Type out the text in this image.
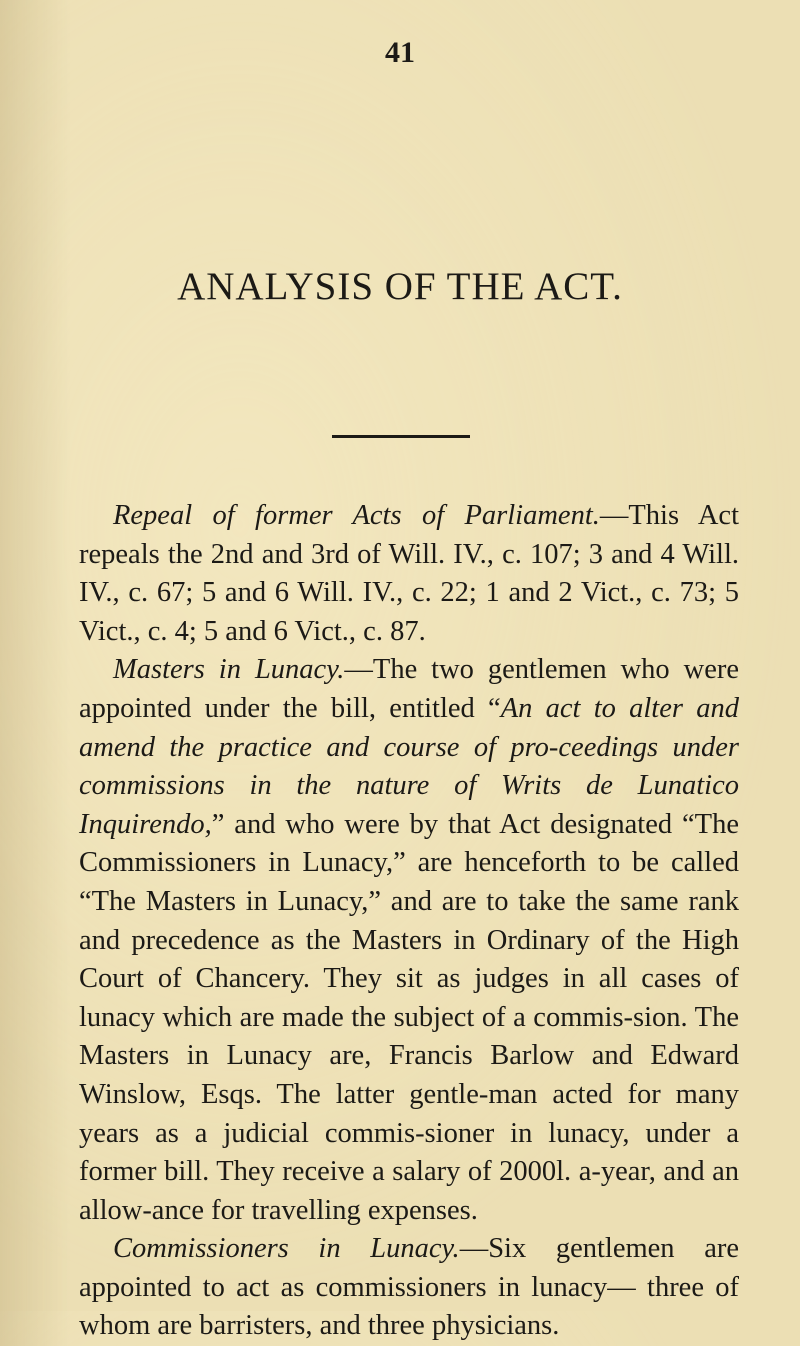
41
ANALYSIS OF THE ACT.

Repeal of former Acts of Parliament.—This Act repeals the 2nd and 3rd of Will. IV., c. 107; 3 and 4 Will. IV., c. 67; 5 and 6 Will. IV., c. 22; 1 and 2 Vict., c. 73; 5 Vict., c. 4; 5 and 6 Vict., c. 87.

Masters in Lunacy.—The two gentlemen who were appointed under the bill, entitled “An act to alter and amend the practice and course of pro-ceedings under commissions in the nature of Writs de Lunatico Inquirendo,” and who were by that Act designated “The Commissioners in Lunacy,” are henceforth to be called “The Masters in Lunacy,” and are to take the same rank and precedence as the Masters in Ordinary of the High Court of Chancery. They sit as judges in all cases of lunacy which are made the subject of a commis-sion. The Masters in Lunacy are, Francis Barlow and Edward Winslow, Esqs. The latter gentle-man acted for many years as a judicial commis-sioner in lunacy, under a former bill. They receive a salary of 2000l. a-year, and an allow-ance for travelling expenses.

Commissioners in Lunacy.—Six gentlemen are appointed to act as commissioners in lunacy— three of whom are barristers, and three physicians.
